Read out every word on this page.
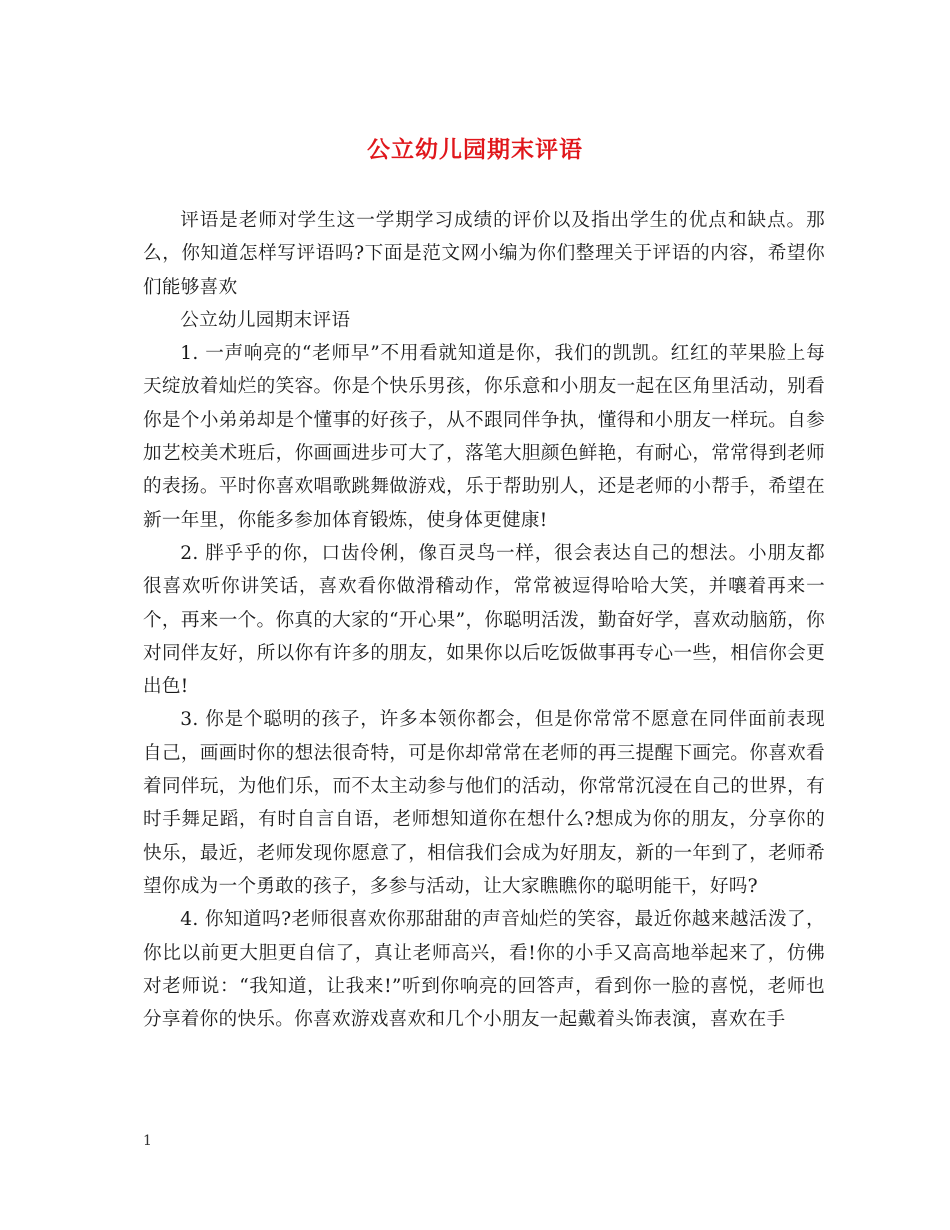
公立幼儿园期末评语

评语是老师对学生这一学期学习成绩的评价以及指出学生的优点和缺点。那么，你知道怎样写评语吗?下面是范文网小编为你们整理关于评语的内容，希望你们能够喜欢

公立幼儿园期末评语

1. 一声响亮的“老师早”不用看就知道是你，我们的凯凯。红红的苹果脸上每天绽放着灿烂的笑容。你是个快乐男孩，你乐意和小朋友一起在区角里活动，别看你是个小弟弟却是个懂事的好孩子，从不跟同伴争执，懂得和小朋友一样玩。自参加艺校美术班后，你画画进步可大了，落笔大胆颜色鲜艳，有耐心，常常得到老师的表扬。平时你喜欢唱歌跳舞做游戏，乐于帮助别人，还是老师的小帮手，希望在新一年里，你能多参加体育锻炼，使身体更健康!

2. 胖乎乎的你，口齿伶俐，像百灵鸟一样，很会表达自己的想法。小朋友都很喜欢听你讲笑话，喜欢看你做滑稽动作，常常被逗得哈哈大笑，并嚷着再来一个，再来一个。你真的大家的“开心果”，你聪明活泼，勤奋好学，喜欢动脑筋，你对同伴友好，所以你有许多的朋友，如果你以后吃饭做事再专心一些，相信你会更出色!

3. 你是个聪明的孩子，许多本领你都会，但是你常常不愿意在同伴面前表现自己，画画时你的想法很奇特，可是你却常常在老师的再三提醒下画完。你喜欢看着同伴玩，为他们乐，而不太主动参与他们的活动，你常常沉浸在自己的世界，有时手舞足蹈，有时自言自语，老师想知道你在想什么?想成为你的朋友，分享你的快乐，最近，老师发现你愿意了，相信我们会成为好朋友，新的一年到了，老师希望你成为一个勇敢的孩子，多参与活动，让大家瞧瞧你的聪明能干，好吗?

4. 你知道吗?老师很喜欢你那甜甜的声音灿烂的笑容，最近你越来越活泼了，你比以前更大胆更自信了，真让老师高兴，看!你的小手又高高地举起来了，仿佛对老师说：“我知道，让我来!”听到你响亮的回答声，看到你一脸的喜悦，老师也分享着你的快乐。你喜欢游戏喜欢和几个小朋友一起戴着头饰表演，喜欢在手

1
